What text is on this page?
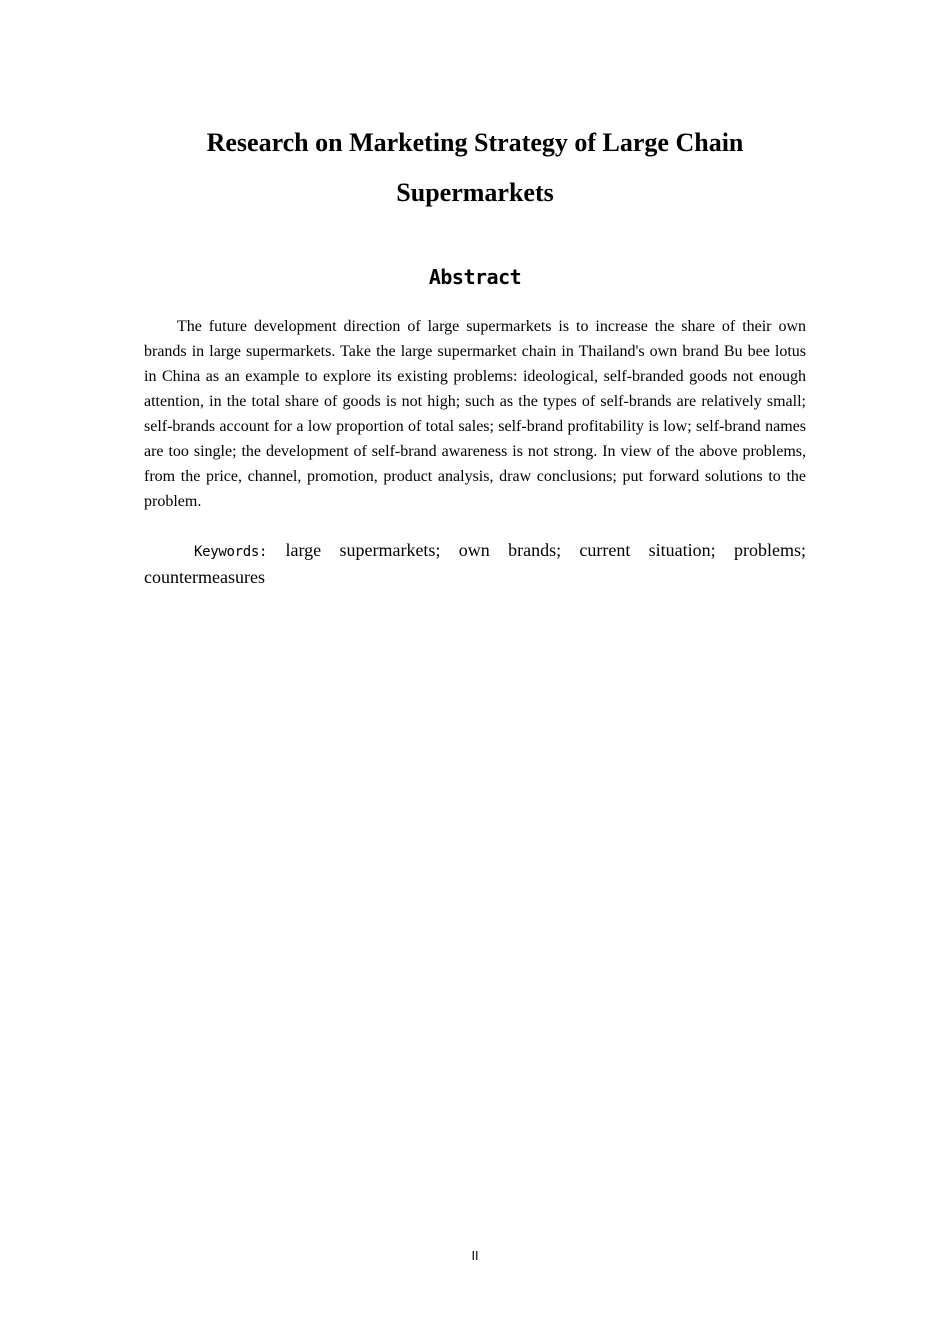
Research on Marketing Strategy of Large Chain Supermarkets
Abstract

The future development direction of large supermarkets is to increase the share of their own brands in large supermarkets. Take the large supermarket chain in Thailand's own brand Bu bee lotus in China as an example to explore its existing problems: ideological, self-branded goods not enough attention, in the total share of goods is not high; such as the types of self-brands are relatively small; self-brands account for a low proportion of total sales; self-brand profitability is low; self-brand names are too single; the development of self-brand awareness is not strong. In view of the above problems, from the price, channel, promotion, product analysis, draw conclusions; put forward solutions to the problem.

Keywords: large supermarkets; own brands; current situation; problems; countermeasures

II
